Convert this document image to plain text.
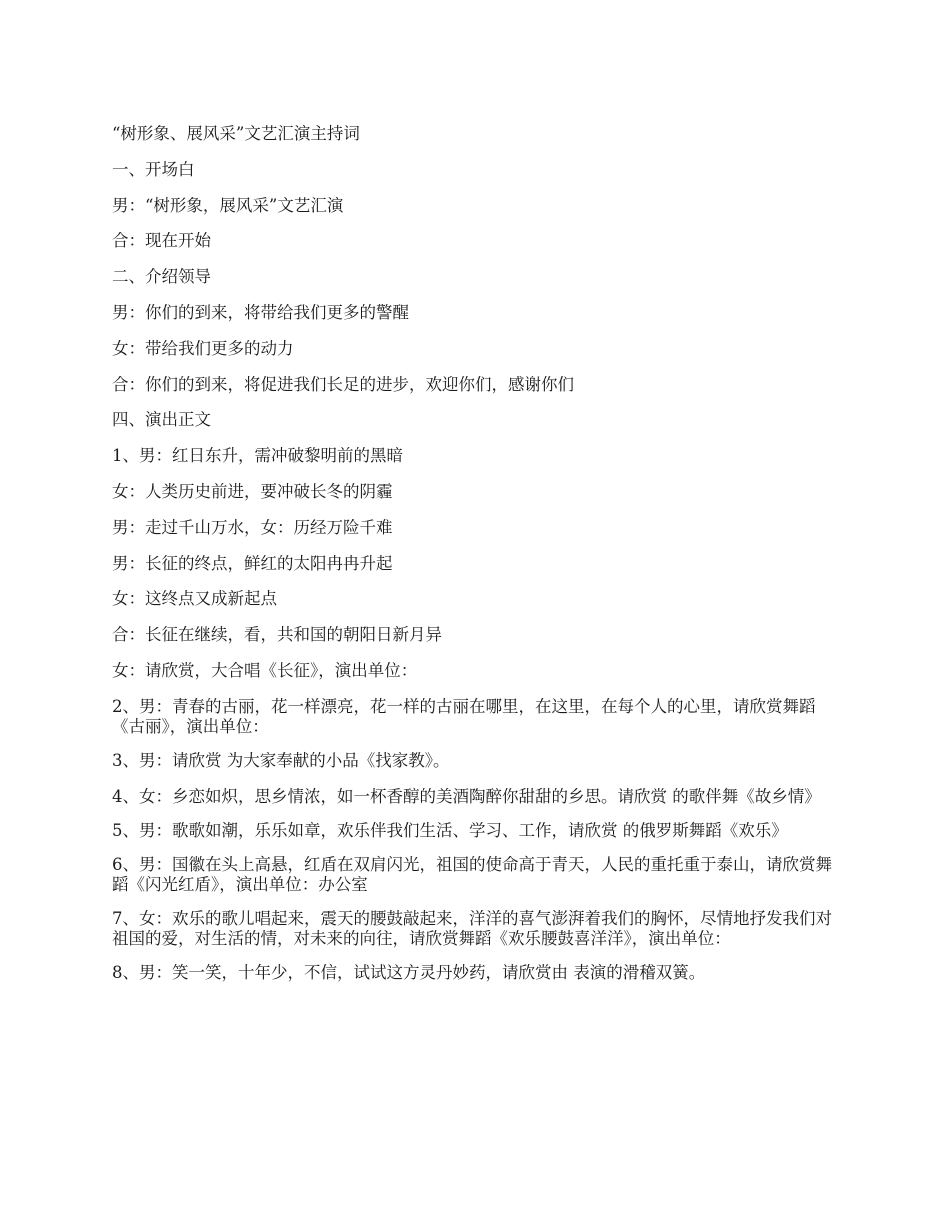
“树形象、展风采”文艺汇演主持词

一、开场白

男：“树形象，展风采”文艺汇演

合：现在开始

二、介绍领导

男：你们的到来，将带给我们更多的警醒

女：带给我们更多的动力

合：你们的到来，将促进我们长足的进步，欢迎你们，感谢你们

四、演出正文

1、男：红日东升，需冲破黎明前的黑暗

女：人类历史前进，要冲破长冬的阴霾

男：走过千山万水，女：历经万险千难

男：长征的终点，鲜红的太阳冉冉升起

女：这终点又成新起点

合：长征在继续，看，共和国的朝阳日新月异

女：请欣赏，大合唱《长征》，演出单位：

2、男：青春的古丽，花一样漂亮，花一样的古丽在哪里，在这里，在每个人的心里，请欣赏舞蹈《古丽》，演出单位：

3、男：请欣赏 为大家奉献的小品《找家教》。

4、女：乡恋如炽，思乡情浓，如一杯香醇的美酒陶醉你甜甜的乡思。请欣赏 的歌伴舞《故乡情》

5、男：歌歌如潮，乐乐如章，欢乐伴我们生活、学习、工作，请欣赏 的俄罗斯舞蹈《欢乐》

6、男：国徽在头上高悬，红盾在双肩闪光，祖国的使命高于青天，人民的重托重于泰山，请欣赏舞蹈《闪光红盾》，演出单位：办公室

7、女：欢乐的歌儿唱起来，震天的腰鼓敲起来，洋洋的喜气澎湃着我们的胸怀，尽情地抒发我们对祖国的爱，对生活的情，对未来的向往，请欣赏舞蹈《欢乐腰鼓喜洋洋》，演出单位：

8、男：笑一笑，十年少，不信，试试这方灵丹妙药，请欣赏由 表演的滑稽双簧。
